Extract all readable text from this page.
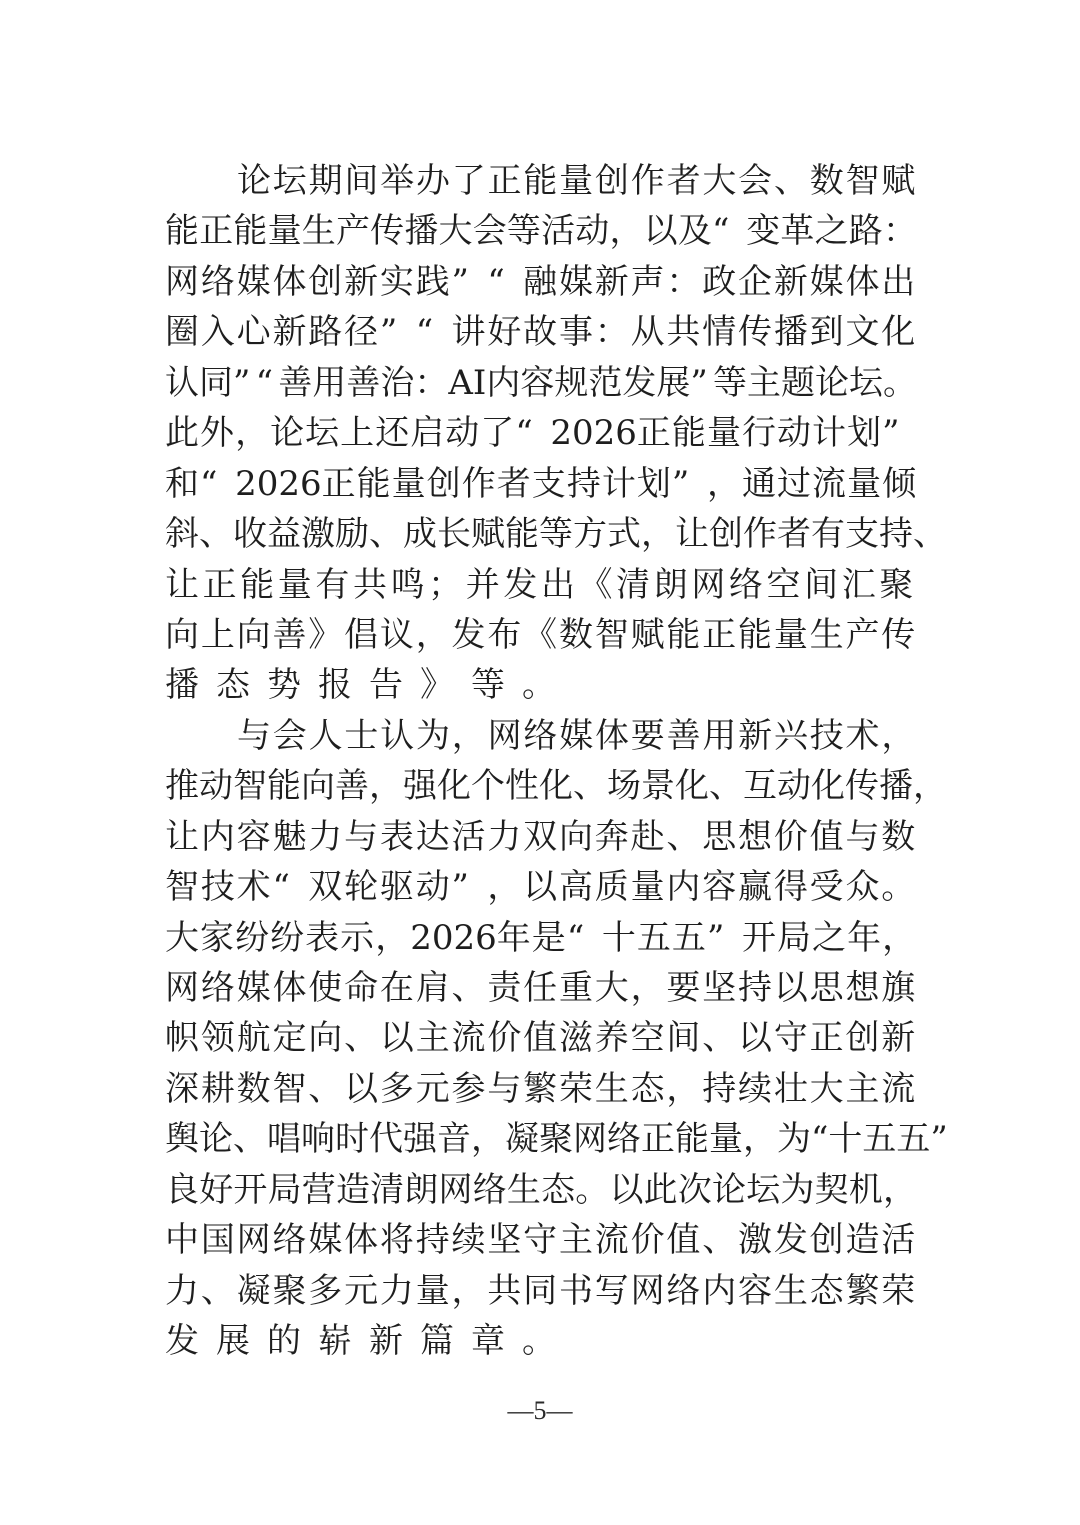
论 坛 期 间 举 办 了 正 能 量 创 作 者 大 会 、 数 智 赋
能 正 能 量 生 产 传 播 大 会 等 活 动 ， 以 及 “ 变 革 之 路 ：
网 络 媒 体 创 新 实 践 ” “ 融 媒 新 声 ： 政 企 新 媒 体 出
圈 入 心 新 路 径 ” “ 讲 好 故 事 ： 从 共 情 传 播 到 文 化
认 同 ” “ 善 用 善 治 ： AI 内 容 规 范 发 展 ” 等 主 题 论 坛 。
此 外 ， 论 坛 上 还 启 动 了 “ 2026 正 能 量 行 动 计 划 ”
和 “ 2026 正 能 量 创 作 者 支 持 计 划 ” ， 通 过 流 量 倾
斜 、 收 益 激 励 、 成 长 赋 能 等 方 式 ， 让 创 作 者 有 支 持 、
让 正 能 量 有 共 鸣 ； 并 发 出 《 清 朗 网 络 空 间 汇 聚
向 上 向 善 》 倡 议 ， 发 布 《 数 智 赋 能 正 能 量 生 产 传
播态势报告》等。
与 会 人 士 认 为 ， 网 络 媒 体 要 善 用 新 兴 技 术 ，
推 动 智 能 向 善 ， 强 化 个 性 化 、 场 景 化 、 互 动 化 传 播 ，
让 内 容 魅 力 与 表 达 活 力 双 向 奔 赴 、 思 想 价 值 与 数
智 技 术 “ 双 轮 驱 动 ” ， 以 高 质 量 内 容 赢 得 受 众 。
大 家 纷 纷 表 示 ， 2026 年 是 “ 十 五 五 ” 开 局 之 年 ，
网 络 媒 体 使 命 在 肩 、 责 任 重 大 ， 要 坚 持 以 思 想 旗
帜 领 航 定 向 、 以 主 流 价 值 滋 养 空 间 、 以 守 正 创 新
深 耕 数 智 、 以 多 元 参 与 繁 荣 生 态 ， 持 续 壮 大 主 流
舆 论 、 唱 响 时 代 强 音 ， 凝 聚 网 络 正 能 量 ， 为 “ 十 五 五 ”
良 好 开 局 营 造 清 朗 网 络 生 态 。 以 此 次 论 坛 为 契 机 ，
中 国 网 络 媒 体 将 持 续 坚 守 主 流 价 值 、 激 发 创 造 活
力 、 凝 聚 多 元 力 量 ， 共 同 书 写 网 络 内 容 生 态 繁 荣
发展的崭新篇章。
—5—
